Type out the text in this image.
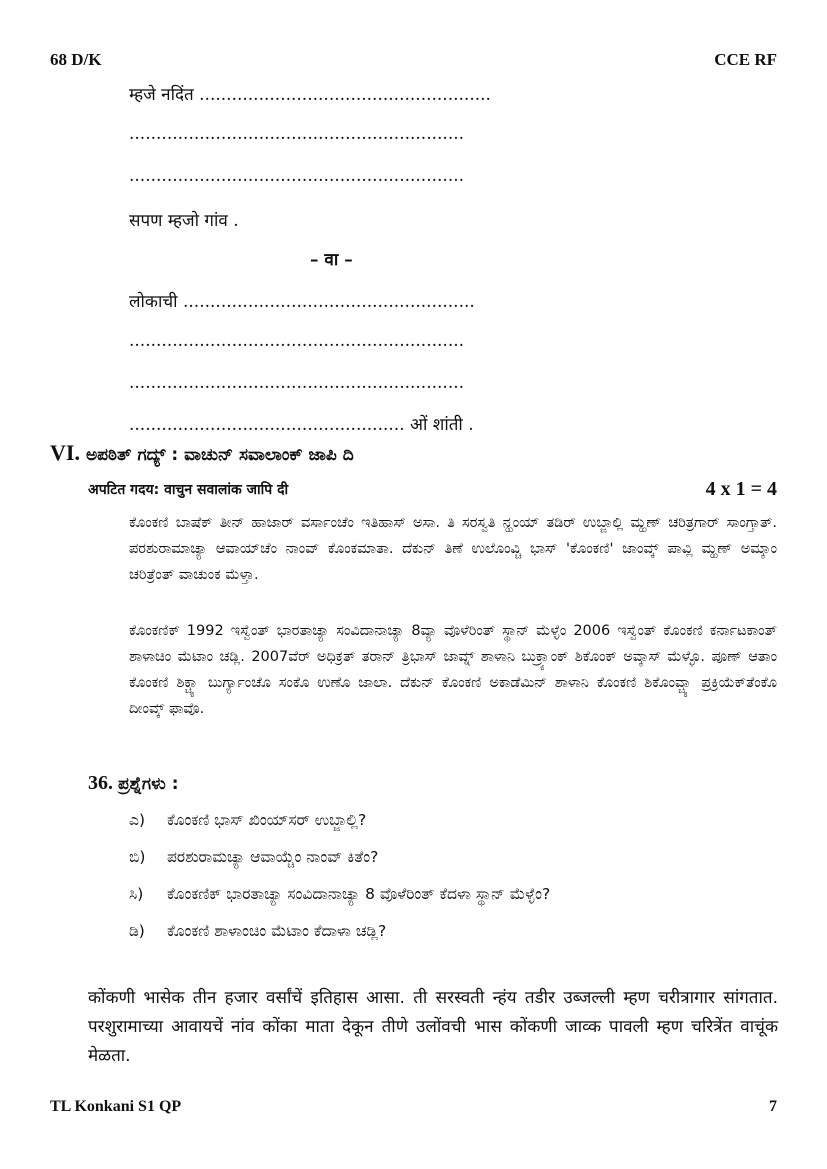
68 D/K	CCE RF
म्हजे नदिंत ......................................................
..............................................................
..............................................................
सपण म्हजो गांव .
– वा –
लोकाची ......................................................
..............................................................
..............................................................
................................................... ओं शांती .
VI. ಅಪಠಿತ್ ಗದ್ಯ್ : ವಾಚುನ್ ಸವಾಲಾಂಕ್ ಜಾಪಿ ದಿ
अपटित गदय: वाचुन सवालांक जापि दी	4 x 1 = 4
ಕೊಂಕಣಿ ಬಾಷೆಕ್ ತೀನ್ ಹಾಜಾರ್ ವರ್ಸಾಂಚೆಂ ಇತಿಹಾಸ್ ಅಸಾ. ತಿ ಸರಸ್ವತಿ ನ್ಹಂಯ್ ತಡಿರ್ ಉಬ್ಜಾಲ್ಲಿ ಮ್ಹಣ್ ಚರಿತ್ರಗಾರ್ ಸಾಂಗ್ತಾತ್. ಪರಶುರಾಮಾಚ್ಯಾ ಆವಾಯ್‌ಚೆಂ ನಾಂವ್ ಕೊಂಕಮಾತಾ. ದೆಕುನ್ ತಿಣೆ ಉಲೊಂವ್ಚಿ ಭಾಸ್ 'ಕೊಂಕಣಿ' ಜಾಂವ್ಕ್ ಪಾವ್ಲಿ ಮ್ಹಣ್ ಅಮ್ಕಾಂ ಚರಿತ್ರೆಂತ್ ವಾಚುಂಕ ಮೆಳ್ತಾ.
ಕೊಂಕಣಿಕ್ 1992 ಇಸ್ವೆಂತ್ ಭಾರತಾಚ್ಯಾ ಸಂವಿದಾನಾಚ್ಯಾ 8ವ್ಯಾ ವೊಳೆರಿಂತ್ ಸ್ಥಾನ್ ಮೆಳ್ಳೆಂ 2006 ಇಸ್ವೆಂತ್ ಕೊಂಕಣಿ ಕರ್ನಾಟಕಾಂತ್ ಶಾಳಾಚಿಂ ಮೆಟಾಂ ಚಡ್ಲಿ. 2007ವೆರ್ ಅಧಿಕ್ರತ್ ತರಾನ್ ತ್ರಿಭಾಸ್ ಜಾವ್ನ್ ಶಾಳಾನಿ ಬುಕ್ರ್ಯಾಂಕ್ ಶಿಕೊಂಕ್ ಅವ್ಕಾಸ್ ಮೆಳ್ಳೊ. ಪೂಣ್ ಆತಾಂ ಕೊಂಕಣಿ ಶಿಕ್ಚ್ಯಾ ಬುರ್ಗ್ಯಾಂಚೊ ಸಂಕೊ ಉಣೊ ಜಾಲಾ. ದೆಕುನ್ ಕೊಂಕಣಿ ಅಕಾಡೆಮಿನ್ ಶಾಳಾನಿ ಕೊಂಕಣಿ ಶಿಕೊಂವ್ಚ್ಯಾ ಪ್ರಕ್ರಿಯೆಕ್‌ತೆಂಕೊ ದೀಂವ್ಕ್ ಫಾವೊ.
36. ಪ್ರಶ್ನೆಗಳು :
ಎ) ಕೊಂಕಣಿ ಭಾಸ್ ಖಿಂಯ್‌ಸರ್ ಉಬ್ಜಾಲ್ಲಿ?
ಬಿ) ಪರಶುರಾಮಚ್ಯಾ ಆವಾಯ್ಚೆಂ ನಾಂವ್ ಕಿತೆಂ?
ಸಿ) ಕೊಂಕಣಿಕ್ ಭಾರತಾಚ್ಯಾ ಸಂವಿದಾನಾಚ್ಯಾ 8 ವೊಳೆರಿಂತ್ ಕೆದಳಾ ಸ್ಥಾನ್ ಮೆಳ್ಳೆಂ?
ಡಿ) ಕೊಂಕಣಿ ಶಾಳಾಂಚಿಂ ಮೆಟಾಂ ಕೆದಾಳಾ ಚಡ್ಲಿ?
कोंकणी भासेक तीन हजार वर्सांचें इतिहास आसा. ती सरस्वती न्हंय तडीर उब्जल्ली म्हण चरीत्रागार सांगतात. परशुरामाच्या आवायचें नांव कोंका माता देकून तीणे उलोंवची भास कोंकणी जाव्क पावली म्हण चरित्रेंत वाचूंक मेळता.
TL Konkani S1 QP	7
